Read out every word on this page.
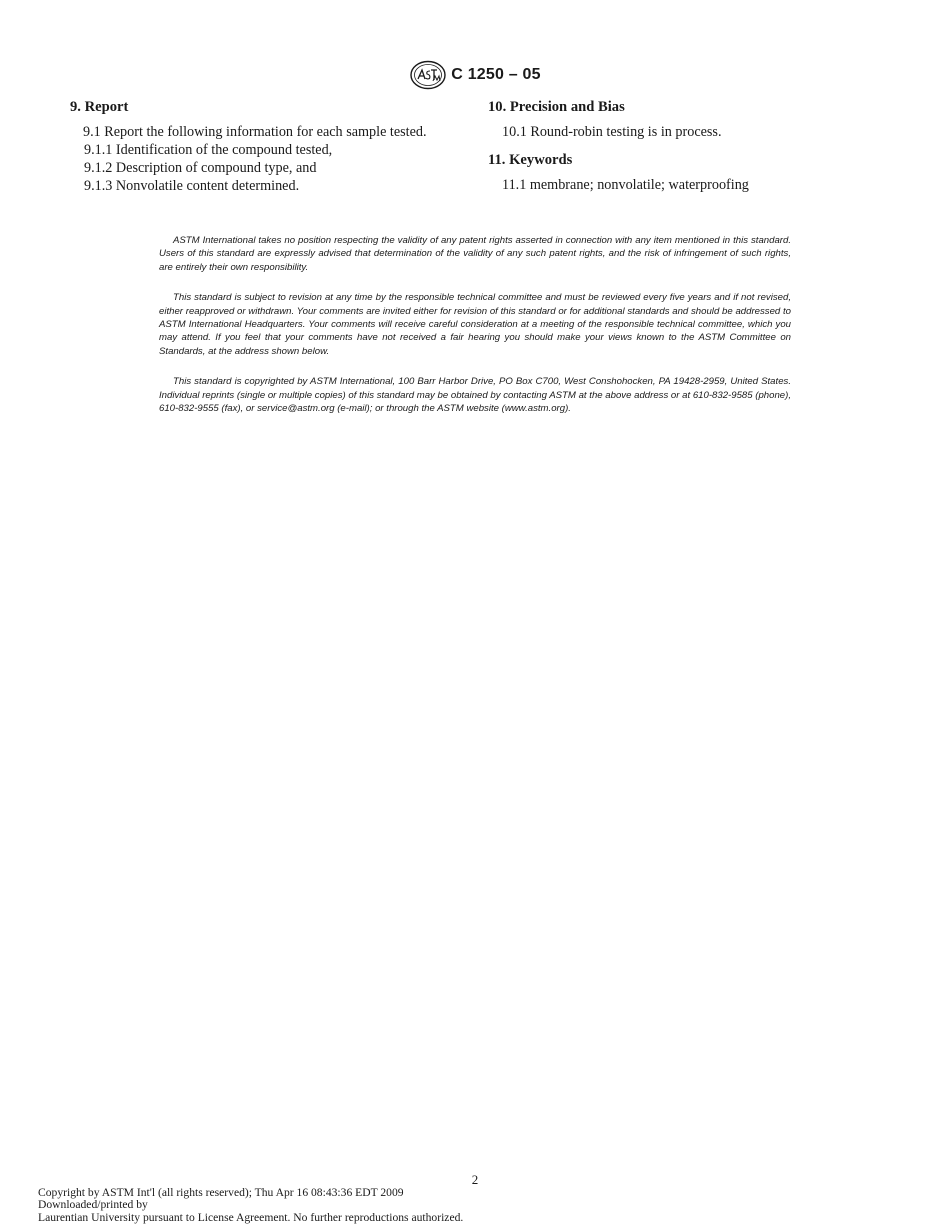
C 1250 – 05
9. Report

9.1 Report the following information for each sample tested.

9.1.1 Identification of the compound tested,

9.1.2 Description of compound type, and

9.1.3 Nonvolatile content determined.

10. Precision and Bias

10.1 Round-robin testing is in process.

11. Keywords

11.1 membrane; nonvolatile; waterproofing

ASTM International takes no position respecting the validity of any patent rights asserted in connection with any item mentioned in this standard. Users of this standard are expressly advised that determination of the validity of any such patent rights, and the risk of infringement of such rights, are entirely their own responsibility.

This standard is subject to revision at any time by the responsible technical committee and must be reviewed every five years and if not revised, either reapproved or withdrawn. Your comments are invited either for revision of this standard or for additional standards and should be addressed to ASTM International Headquarters. Your comments will receive careful consideration at a meeting of the responsible technical committee, which you may attend. If you feel that your comments have not received a fair hearing you should make your views known to the ASTM Committee on Standards, at the address shown below.

This standard is copyrighted by ASTM International, 100 Barr Harbor Drive, PO Box C700, West Conshohocken, PA 19428-2959, United States. Individual reprints (single or multiple copies) of this standard may be obtained by contacting ASTM at the above address or at 610-832-9585 (phone), 610-832-9555 (fax), or service@astm.org (e-mail); or through the ASTM website (www.astm.org).

2
Copyright by ASTM Int'l (all rights reserved); Thu Apr 16 08:43:36 EDT 2009
Downloaded/printed by
Laurentian University pursuant to License Agreement. No further reproductions authorized.
